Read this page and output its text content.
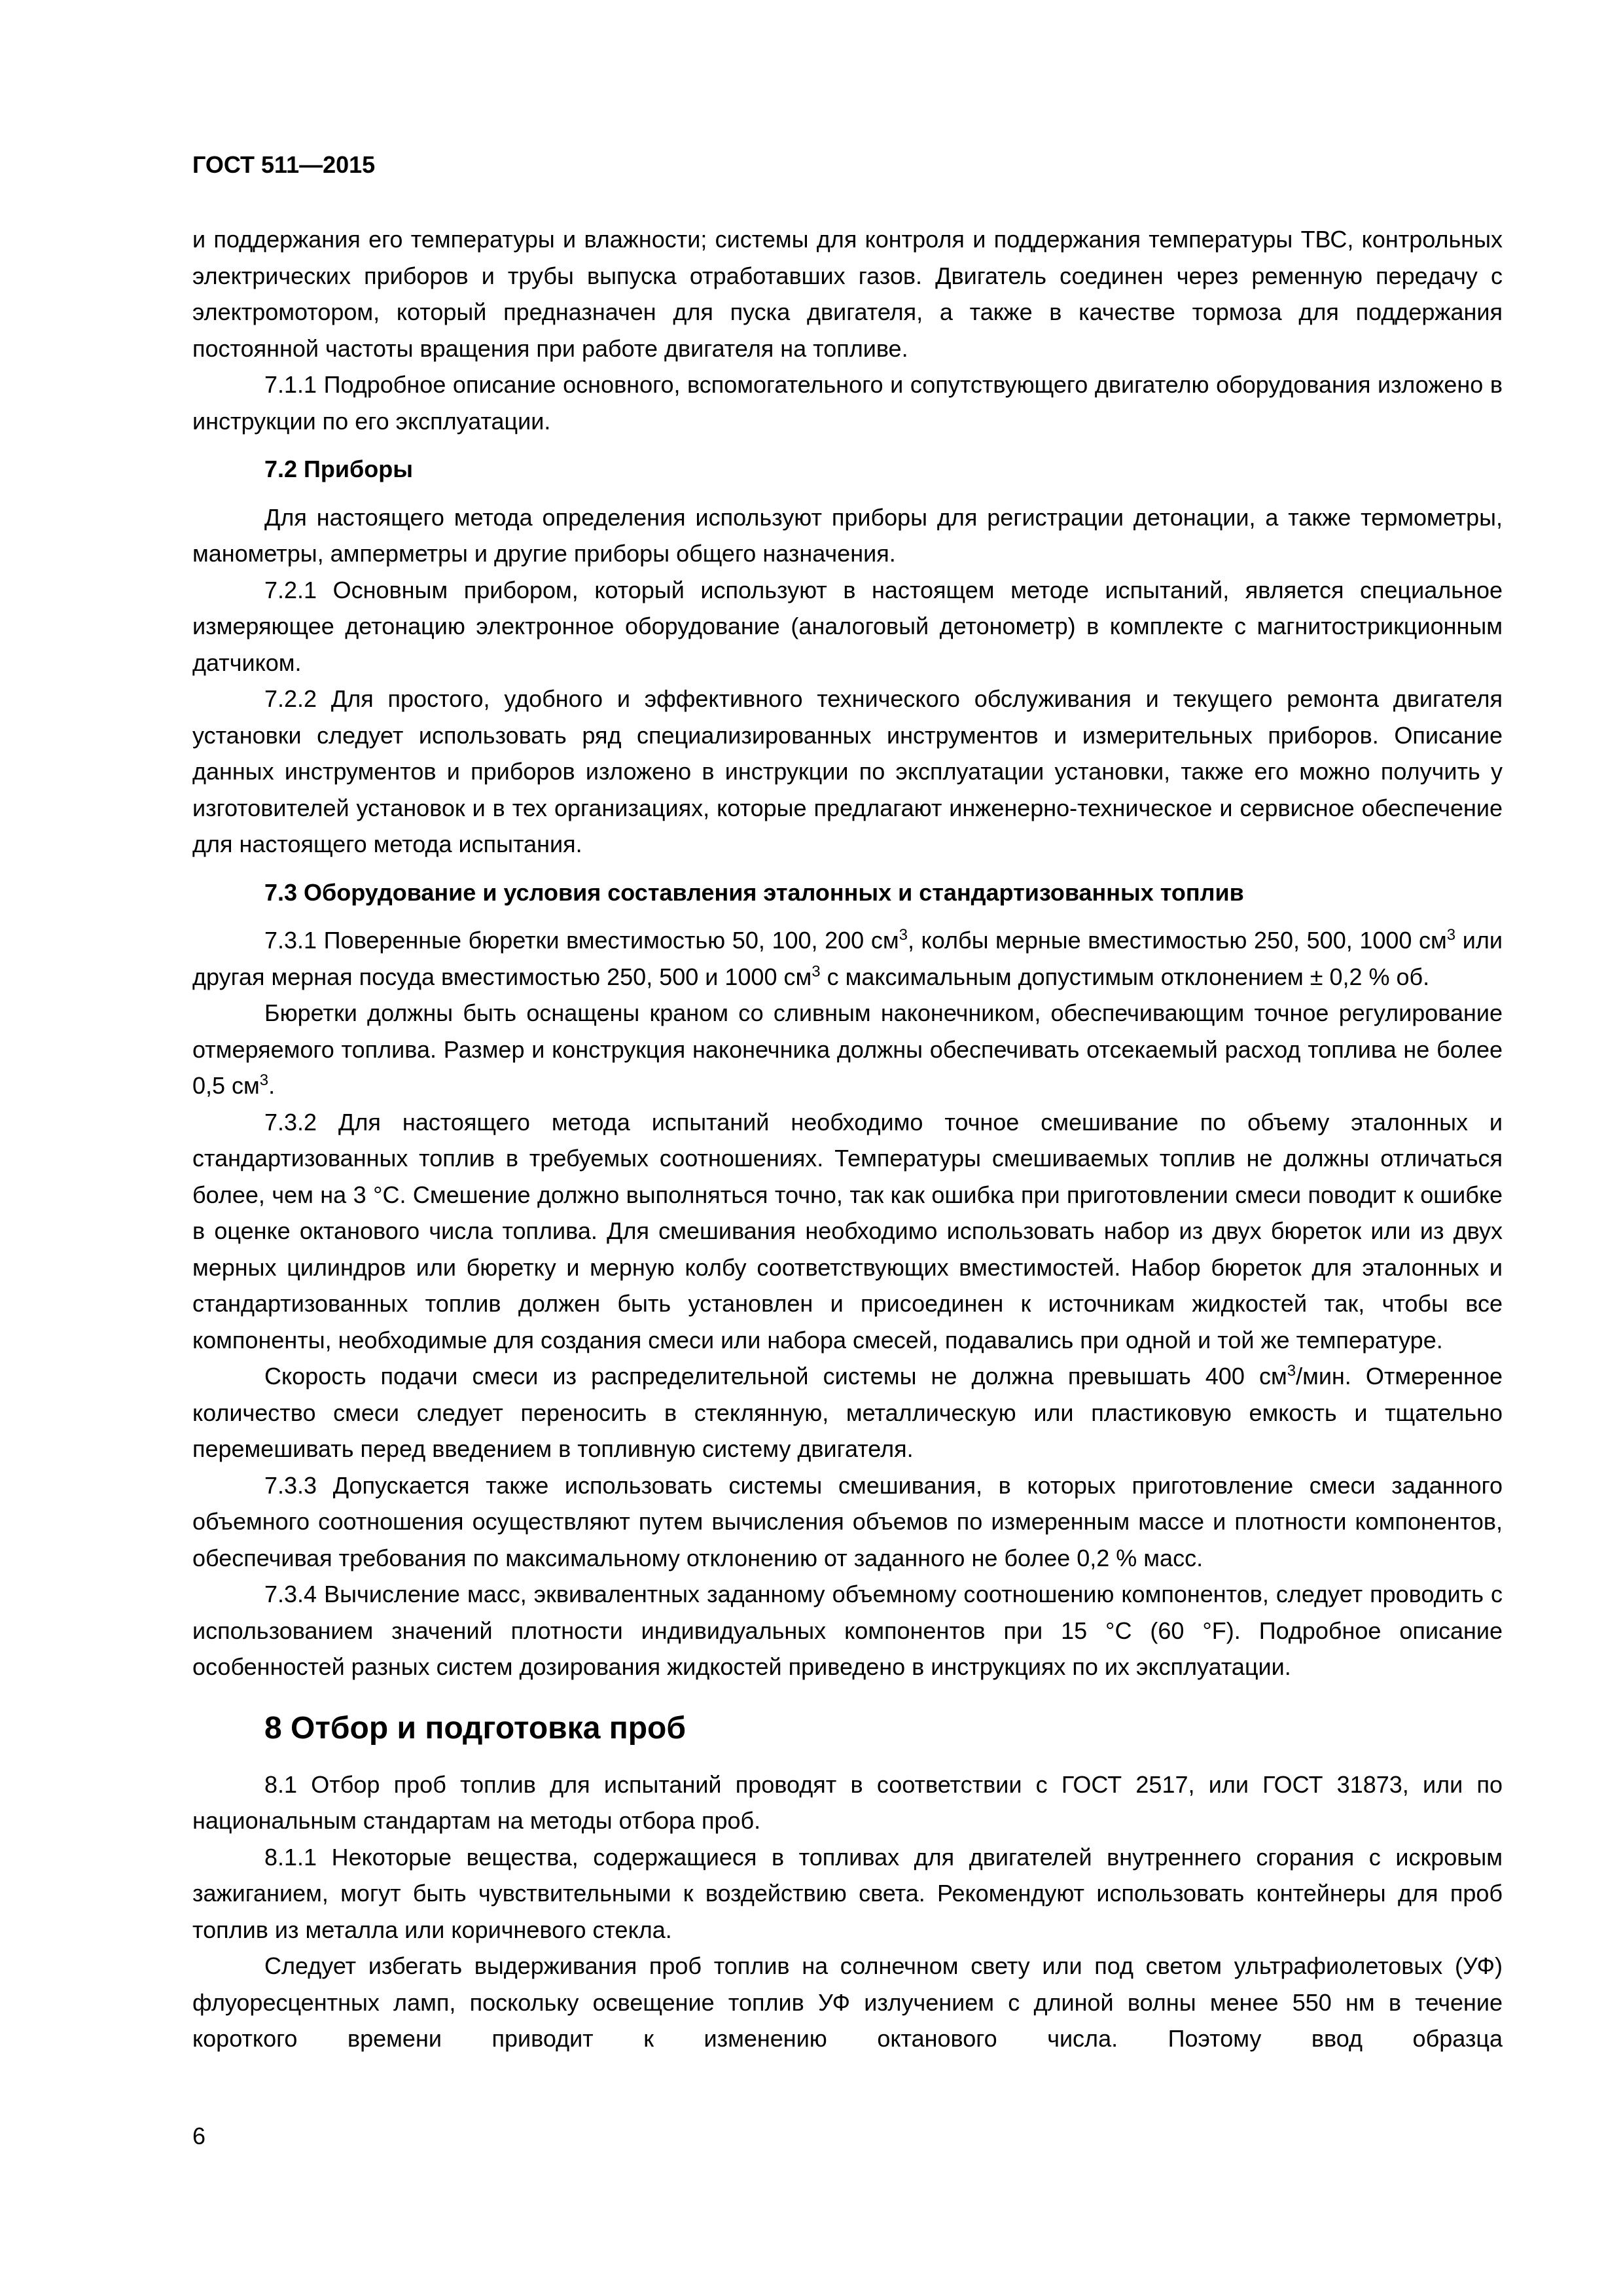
ГОСТ 511—2015

и поддержания его температуры и влажности; системы для контроля и поддержания температуры ТВС, контрольных электрических приборов и трубы выпуска отработавших газов. Двигатель соединен через ременную передачу с электромотором, который предназначен для пуска двигателя, а также в качестве тормоза для поддержания постоянной частоты вращения при работе двигателя на топливе.

7.1.1 Подробное описание основного, вспомогательного и сопутствующего двигателю оборудования изложено в инструкции по его эксплуатации.

7.2 Приборы

Для настоящего метода определения используют приборы для регистрации детонации, а также термометры, манометры, амперметры и другие приборы общего назначения.

7.2.1 Основным прибором, который используют в настоящем методе испытаний, является специальное измеряющее детонацию электронное оборудование (аналоговый детонометр) в комплекте с магнитострикционным датчиком.

7.2.2 Для простого, удобного и эффективного технического обслуживания и текущего ремонта двигателя установки следует использовать ряд специализированных инструментов и измерительных приборов. Описание данных инструментов и приборов изложено в инструкции по эксплуатации установки, также его можно получить у изготовителей установок и в тех организациях, которые предлагают инженерно-техническое и сервисное обеспечение для настоящего метода испытания.

7.3 Оборудование и условия составления эталонных и стандартизованных топлив

7.3.1 Поверенные бюретки вместимостью 50, 100, 200 $см^3$, колбы мерные вместимостью 250, 500, 1000 $см^3$ или другая мерная посуда вместимостью 250, 500 и 1000 $см^3$ с максимальным допустимым отклонением ± 0,2 % об.

Бюретки должны быть оснащены краном со сливным наконечником, обеспечивающим точное регулирование отмеряемого топлива. Размер и конструкция наконечника должны обеспечивать отсекаемый расход топлива не более 0,5 $см^3$.

7.3.2 Для настоящего метода испытаний необходимо точное смешивание по объему эталонных и стандартизованных топлив в требуемых соотношениях. Температуры смешиваемых топлив не должны отличаться более, чем на 3 °С. Смешение должно выполняться точно, так как ошибка при приготовлении смеси поводит к ошибке в оценке октанового числа топлива. Для смешивания необходимо использовать набор из двух бюреток или из двух мерных цилиндров или бюретку и мерную колбу соответствующих вместимостей. Набор бюреток для эталонных и стандартизованных топлив должен быть установлен и присоединен к источникам жидкостей так, чтобы все компоненты, необходимые для создания смеси или набора смесей, подавались при одной и той же температуре.

Скорость подачи смеси из распределительной системы не должна превышать 400 $см^3$/мин. Отмеренное количество смеси следует переносить в стеклянную, металлическую или пластиковую емкость и тщательно перемешивать перед введением в топливную систему двигателя.

7.3.3 Допускается также использовать системы смешивания, в которых приготовление смеси заданного объемного соотношения осуществляют путем вычисления объемов по измеренным массе и плотности компонентов, обеспечивая требования по максимальному отклонению от заданного не более 0,2 % масс.

7.3.4 Вычисление масс, эквивалентных заданному объемному соотношению компонентов, следует проводить с использованием значений плотности индивидуальных компонентов при 15 °С (60 °F). Подробное описание особенностей разных систем дозирования жидкостей приведено в инструкциях по их эксплуатации.

8 Отбор и подготовка проб

8.1 Отбор проб топлив для испытаний проводят в соответствии с ГОСТ 2517, или ГОСТ 31873, или по национальным стандартам на методы отбора проб.

8.1.1 Некоторые вещества, содержащиеся в топливах для двигателей внутреннего сгорания с искровым зажиганием, могут быть чувствительными к воздействию света. Рекомендуют использовать контейнеры для проб топлив из металла или коричневого стекла.

Следует избегать выдерживания проб топлив на солнечном свету или под светом ультрафиолетовых (УФ) флуоресцентных ламп, поскольку освещение топлив УФ излучением с длиной волны менее 550 нм в течение короткого времени приводит к изменению октанового числа. Поэтому ввод образца

6
